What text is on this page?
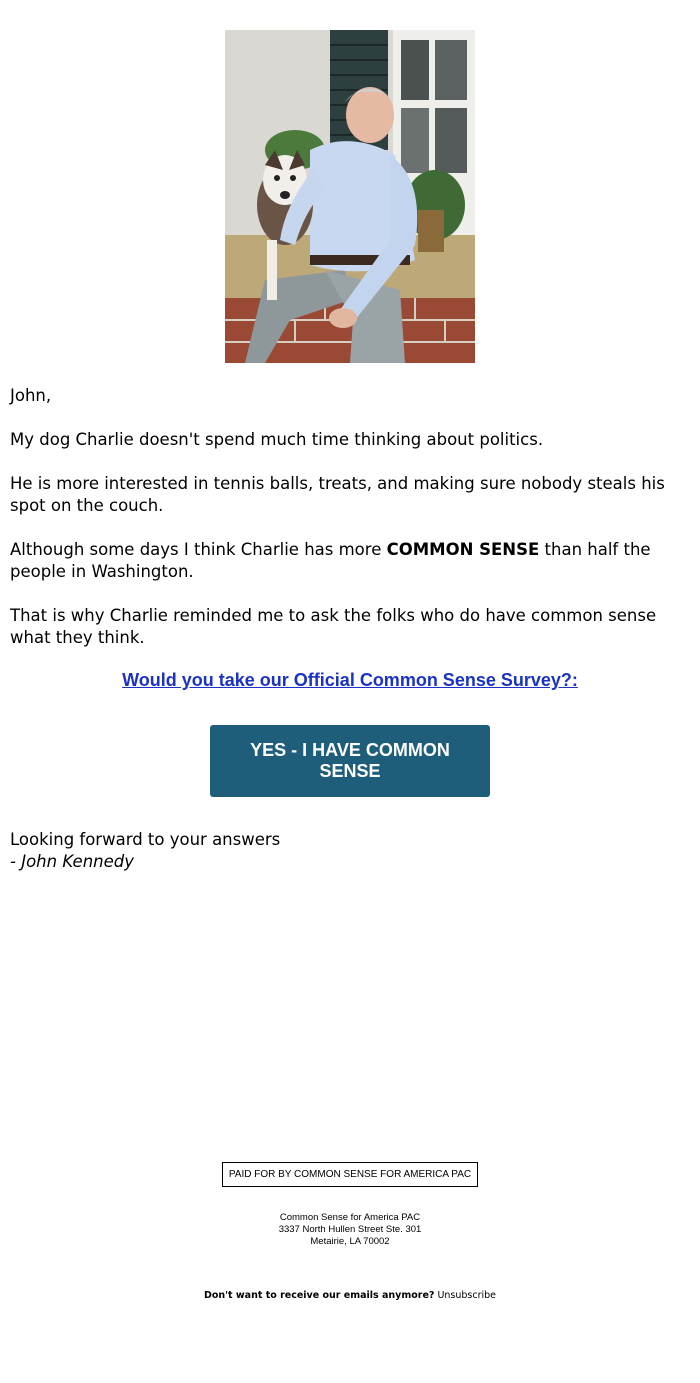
John,
My dog Charlie doesn't spend much time thinking about politics.
He is more interested in tennis balls, treats, and making sure nobody steals his spot on the couch.
Although some days I think Charlie has more COMMON SENSE than half the people in Washington.
That is why Charlie reminded me to ask the folks who do have common sense what they think.
Would you take our Official Common Sense Survey?:
YES - I HAVE COMMON SENSE
Looking forward to your answers
- John Kennedy
PAID FOR BY COMMON SENSE FOR AMERICA PAC
Common Sense for America PAC
3337 North Hullen Street Ste. 301
Metairie, LA 70002
Don't want to receive our emails anymore? Unsubscribe
